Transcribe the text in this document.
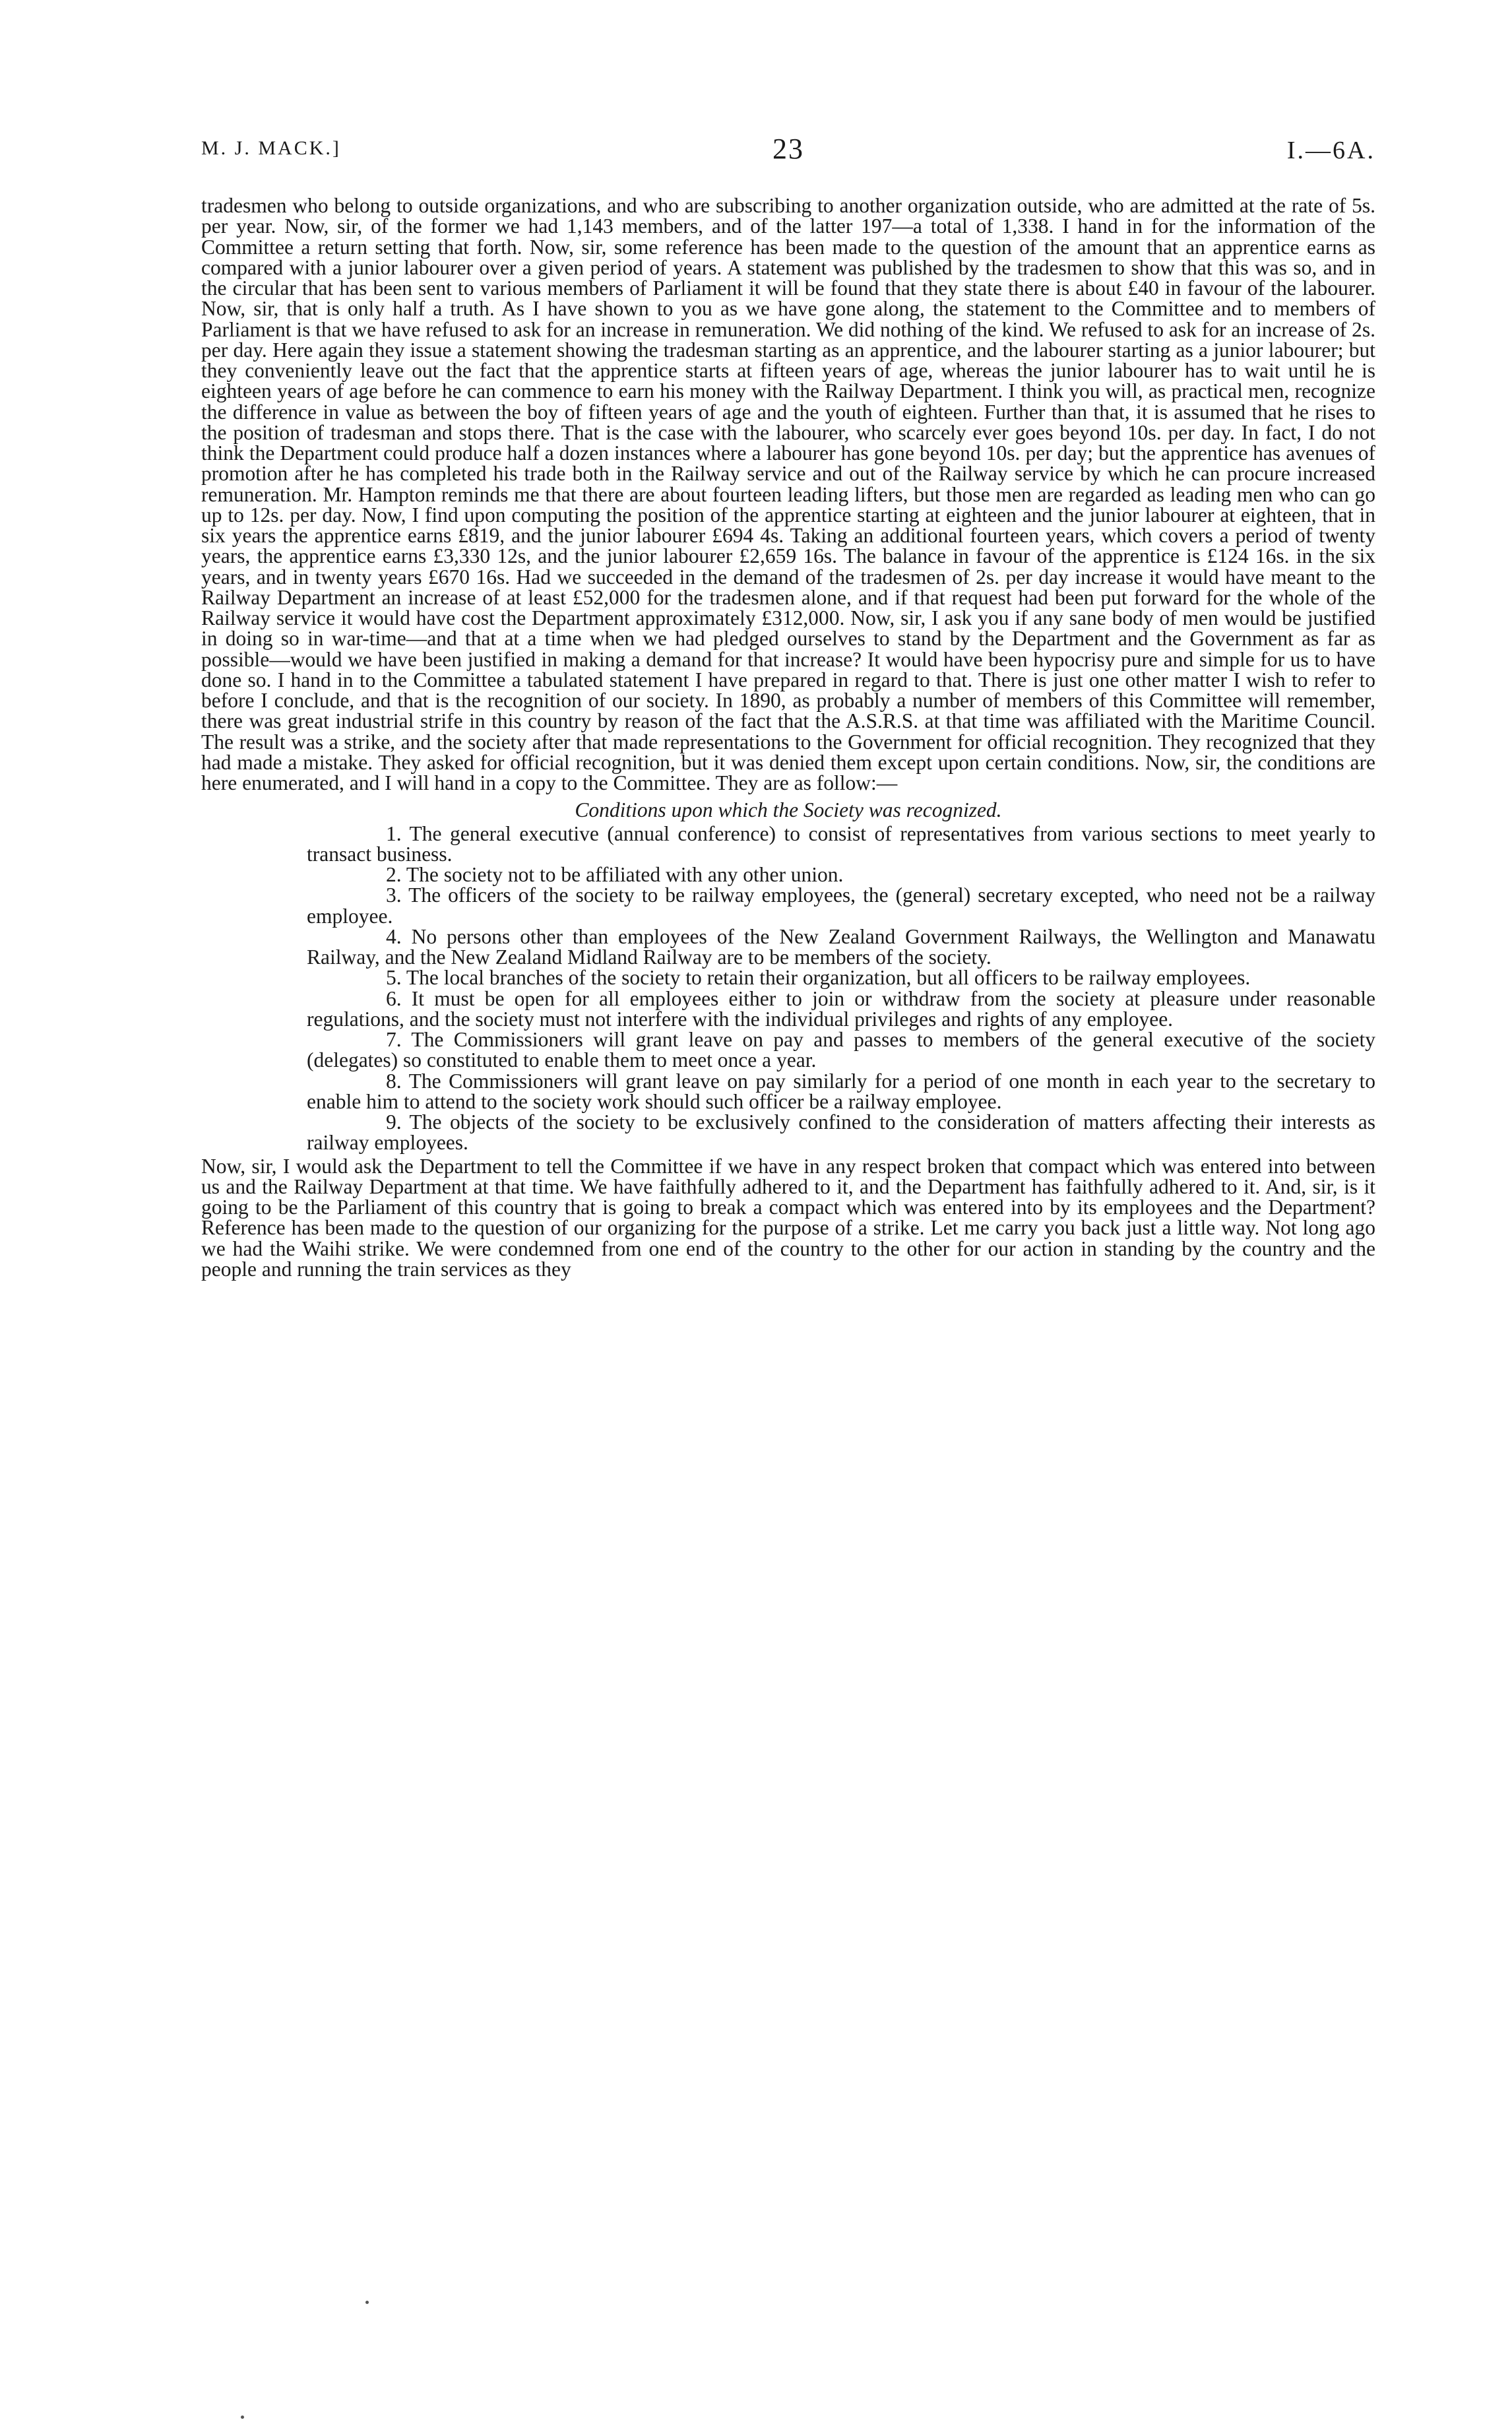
M. J. MACK.]	23	I.—6A.

tradesmen who belong to outside organizations, and who are subscribing to another organization outside, who are admitted at the rate of 5s. per year. Now, sir, of the former we had 1,143 members, and of the latter 197—a total of 1,338. I hand in for the information of the Committee a return setting that forth. Now, sir, some reference has been made to the question of the amount that an apprentice earns as compared with a junior labourer over a given period of years. A statement was published by the tradesmen to show that this was so, and in the circular that has been sent to various members of Parliament it will be found that they state there is about £40 in favour of the labourer. Now, sir, that is only half a truth. As I have shown to you as we have gone along, the statement to the Committee and to members of Parliament is that we have refused to ask for an increase in remuneration. We did nothing of the kind. We refused to ask for an increase of 2s. per day. Here again they issue a statement showing the tradesman starting as an apprentice, and the labourer starting as a junior labourer; but they conveniently leave out the fact that the apprentice starts at fifteen years of age, whereas the junior labourer has to wait until he is eighteen years of age before he can commence to earn his money with the Railway Department. I think you will, as practical men, recognize the difference in value as between the boy of fifteen years of age and the youth of eighteen. Further than that, it is assumed that he rises to the position of tradesman and stops there. That is the case with the labourer, who scarcely ever goes beyond 10s. per day. In fact, I do not think the Department could produce half a dozen instances where a labourer has gone beyond 10s. per day; but the apprentice has avenues of promotion after he has completed his trade both in the Railway service and out of the Railway service by which he can procure increased remuneration. Mr. Hampton reminds me that there are about fourteen leading lifters, but those men are regarded as leading men who can go up to 12s. per day. Now, I find upon computing the position of the apprentice starting at eighteen and the junior labourer at eighteen, that in six years the apprentice earns £819, and the junior labourer £694 4s. Taking an additional fourteen years, which covers a period of twenty years, the apprentice earns £3,330 12s, and the junior labourer £2,659 16s. The balance in favour of the apprentice is £124 16s. in the six years, and in twenty years £670 16s. Had we succeeded in the demand of the tradesmen of 2s. per day increase it would have meant to the Railway Department an increase of at least £52,000 for the tradesmen alone, and if that request had been put forward for the whole of the Railway service it would have cost the Department approximately £312,000. Now, sir, I ask you if any sane body of men would be justified in doing so in war-time—and that at a time when we had pledged ourselves to stand by the Department and the Government as far as possible—would we have been justified in making a demand for that increase? It would have been hypocrisy pure and simple for us to have done so. I hand in to the Committee a tabulated statement I have prepared in regard to that. There is just one other matter I wish to refer to before I conclude, and that is the recognition of our society. In 1890, as probably a number of members of this Committee will remember, there was great industrial strife in this country by reason of the fact that the A.S.R.S. at that time was affiliated with the Maritime Council. The result was a strike, and the society after that made representations to the Government for official recognition. They recognized that they had made a mistake. They asked for official recognition, but it was denied them except upon certain conditions. Now, sir, the conditions are here enumerated, and I will hand in a copy to the Committee. They are as follow:—

Conditions upon which the Society was recognized.

1. The general executive (annual conference) to consist of representatives from various sections to meet yearly to transact business.
2. The society not to be affiliated with any other union.
3. The officers of the society to be railway employees, the (general) secretary excepted, who need not be a railway employee.
4. No persons other than employees of the New Zealand Government Railways, the Wellington and Manawatu Railway, and the New Zealand Midland Railway are to be members of the society.
5. The local branches of the society to retain their organization, but all officers to be railway employees.
6. It must be open for all employees either to join or withdraw from the society at pleasure under reasonable regulations, and the society must not interfere with the individual privileges and rights of any employee.
7. The Commissioners will grant leave on pay and passes to members of the general executive of the society (delegates) so constituted to enable them to meet once a year.
8. The Commissioners will grant leave on pay similarly for a period of one month in each year to the secretary to enable him to attend to the society work should such officer be a railway employee.
9. The objects of the society to be exclusively confined to the consideration of matters affecting their interests as railway employees.

Now, sir, I would ask the Department to tell the Committee if we have in any respect broken that compact which was entered into between us and the Railway Department at that time. We have faithfully adhered to it, and the Department has faithfully adhered to it. And, sir, is it going to be the Parliament of this country that is going to break a compact which was entered into by its employees and the Department? Reference has been made to the question of our organizing for the purpose of a strike. Let me carry you back just a little way. Not long ago we had the Waihi strike. We were condemned from one end of the country to the other for our action in standing by the country and the people and running the train services as they
